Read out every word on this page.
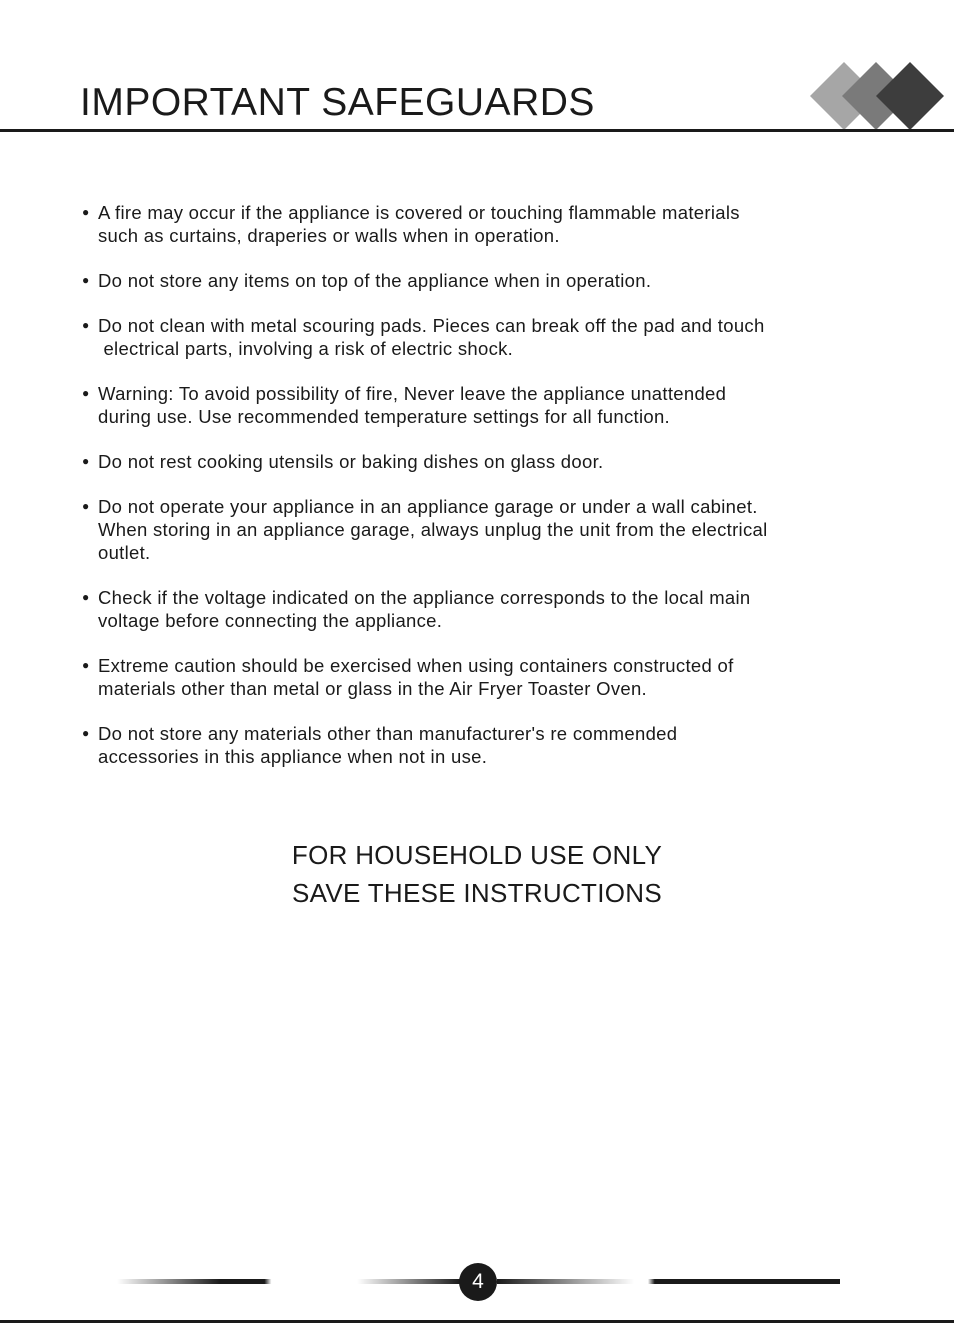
IMPORTANT SAFEGUARDS
● A fire may occur if the appliance is covered or touching flammable materials
such as curtains, draperies or walls when in operation.
● Do not store any items on top of the appliance when in operation.
● Do not clean with metal scouring pads. Pieces can break off the pad and touch
electrical parts, involving a risk of electric shock.
● Warning: To avoid possibility of fire, Never leave the appliance unattended
during use. Use recommended temperature settings for all function.
● Do not rest cooking utensils or baking dishes on glass door.
● Do not operate your appliance in an appliance garage or under a wall cabinet.
When storing in an appliance garage, always unplug the unit from the electrical
outlet.
● Check if the voltage indicated on the appliance corresponds to the local main
voltage before connecting the appliance.
● Extreme caution should be exercised when using containers constructed of
materials other than metal or glass in the Air Fryer Toaster Oven.
● Do not store any materials other than manufacturer's re commended
accessories in this appliance when not in use.
FOR HOUSEHOLD USE ONLY
SAVE THESE INSTRUCTIONS
4
